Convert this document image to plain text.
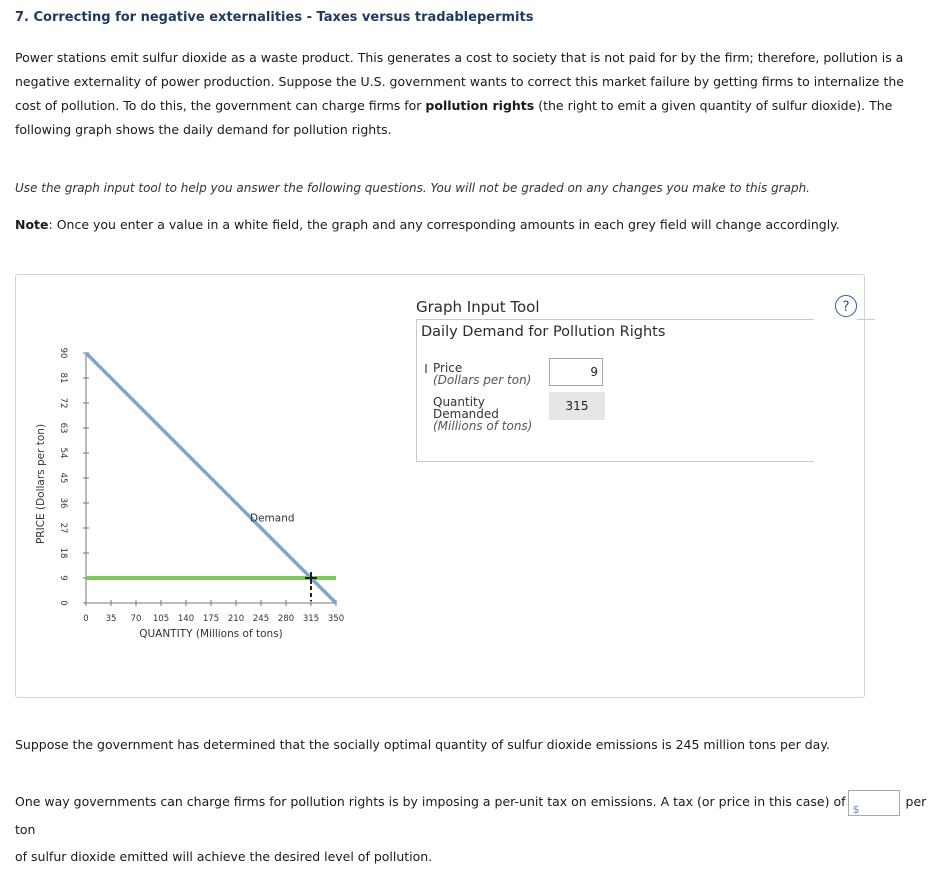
7. Correcting for negative externalities - Taxes versus tradablepermits
Power stations emit sulfur dioxide as a waste product. This generates a cost to society that is not paid for by the firm; therefore, pollution is a negative externality of power production. Suppose the U.S. government wants to correct this market failure by getting firms to internalize the cost of pollution. To do this, the government can charge firms for pollution rights (the right to emit a given quantity of sulfur dioxide). The following graph shows the daily demand for pollution rights.
Use the graph input tool to help you answer the following questions. You will not be graded on any changes you make to this graph.
Note: Once you enter a value in a white field, the graph and any corresponding amounts in each grey field will change accordingly.
0
9
18
27
36
45
54
63
72
81
90
0 35 70 105 140 175 210 245 280 315 350
QUANTITY (Millions of tons)
PRICE (Dollars per ton)	Demand
Graph Input Tool
Daily Demand for Pollution Rights
Price
(Dollars per ton)
9
Quantity
Demanded
(Millions of tons)
315
?
Suppose the government has determined that the socially optimal quantity of sulfur dioxide emissions is 245 million tons per day.
One way governments can charge firms for pollution rights is by imposing a per-unit tax on emissions. A tax (or price in this case) of $	per ton
of sulfur dioxide emitted will achieve the desired level of pollution.
